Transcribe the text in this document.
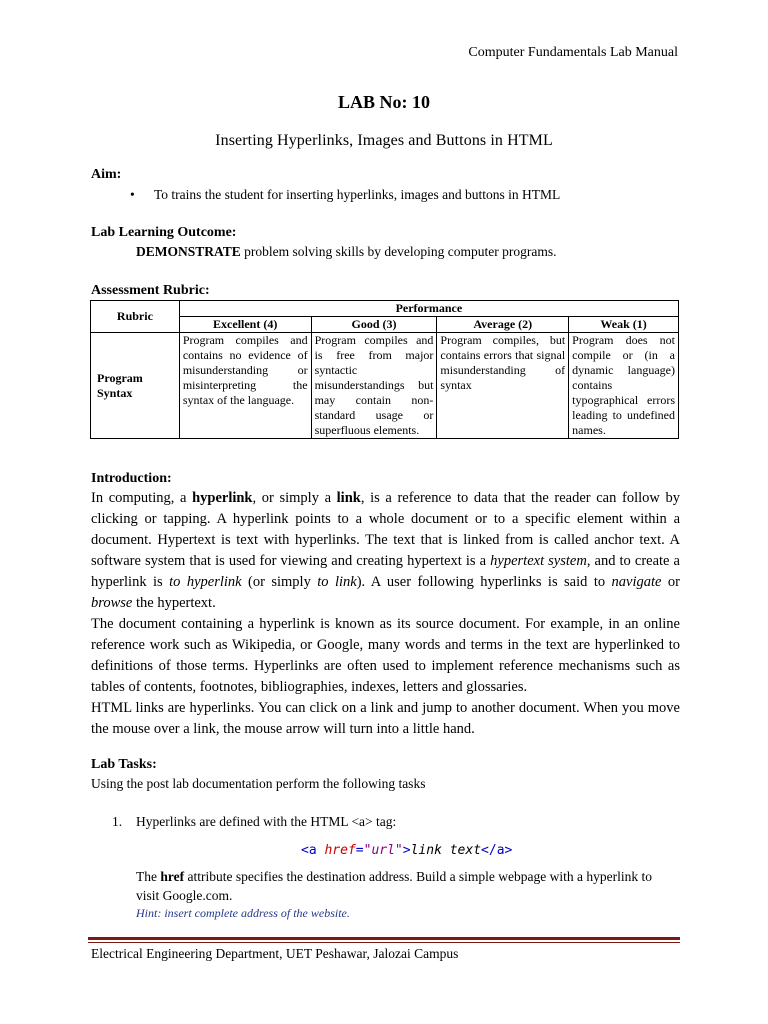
Computer Fundamentals Lab Manual
LAB No: 10
Inserting Hyperlinks, Images and Buttons in HTML
Aim:
• To trains the student for inserting hyperlinks, images and buttons in HTML
Lab Learning Outcome:
DEMONSTRATE problem solving skills by developing computer programs.
Assessment Rubric:
Rubric	Performance			
	Excellent (4)	Good (3)	Average (2)	Weak (1)
Program
Syntax	Program compiles and contains no evidence of misunderstanding or misinterpreting the syntax of the language.	Program compiles and is free from major syntactic misunderstandings but may contain non-standard usage or superfluous elements.	Program compiles, but contains errors that signal misunderstanding of syntax	Program does not compile or (in a dynamic language) contains typographical errors leading to undefined names.
Introduction:

In computing, a hyperlink, or simply a link, is a reference to data that the reader can follow by clicking or tapping. A hyperlink points to a whole document or to a specific element within a document. Hypertext is text with hyperlinks. The text that is linked from is called anchor text. A software system that is used for viewing and creating hypertext is a hypertext system, and to create a hyperlink is to hyperlink (or simply to link). A user following hyperlinks is said to navigate or browse the hypertext.

The document containing a hyperlink is known as its source document. For example, in an online reference work such as Wikipedia, or Google, many words and terms in the text are hyperlinked to definitions of those terms. Hyperlinks are often used to implement reference mechanisms such as tables of contents, footnotes, bibliographies, indexes, letters and glossaries.

HTML links are hyperlinks. You can click on a link and jump to another document. When you move the mouse over a link, the mouse arrow will turn into a little hand.

Lab Tasks:
Using the post lab documentation perform the following tasks
1. Hyperlinks are defined with the HTML <a> tag:
<a href="url">link text</a>
The href attribute specifies the destination address. Build a simple webpage with a hyperlink to visit Google.com.
Hint: insert complete address of the website.
Electrical Engineering Department, UET Peshawar, Jalozai Campus
